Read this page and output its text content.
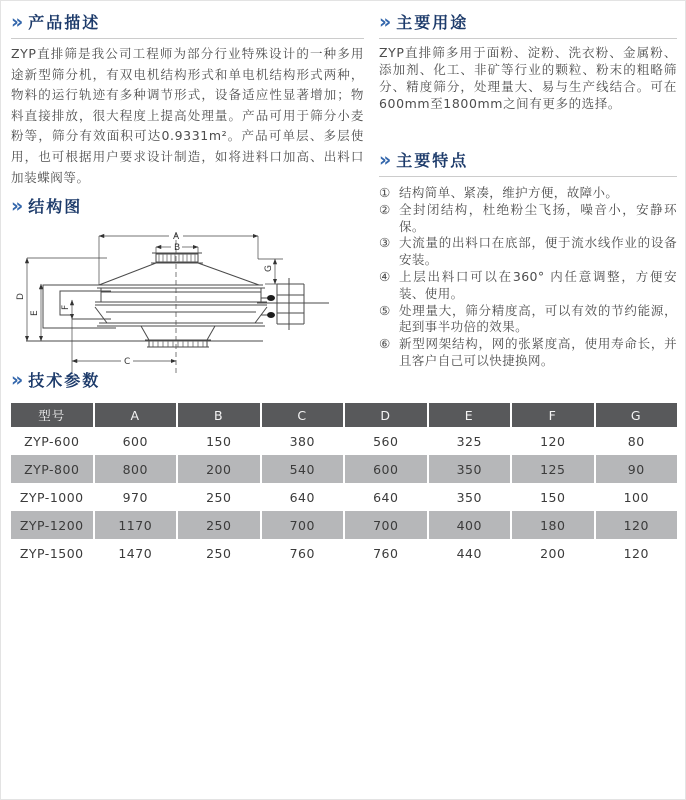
» 产品描述

ZYP直排筛是我公司工程师为部分行业特殊设计的一种多用途新型筛分机，有双电机结构形式和单电机结构形式两种，物料的运行轨迹有多种调节形式，设备适应性显著增加；物料直接排放，很大程度上提高处理量。产品可用于筛分小麦粉等，筛分有效面积可达0.9331m²。产品可单层、多层使用，也可根据用户要求设计制造，如将进料口加高、出料口加装蝶阀等。

» 结构图
A
B
D
E
F
C
G
» 主要用途

ZYP直排筛多用于面粉、淀粉、洗衣粉、金属粉、添加剂、化工、非矿等行业的颗粒、粉末的粗略筛分、精度筛分，处理量大、易与生产线结合。可在600mm至1800mm之间有更多的选择。

» 主要特点
① 结构简单、紧凑，维护方便，故障小。
② 全封闭结构，杜绝粉尘飞扬，噪音小，安静环保。
③ 大流量的出料口在底部，便于流水线作业的设备安装。
④ 上层出料口可以在360° 内任意调整，方便安装、使用。
⑤ 处理量大，筛分精度高，可以有效的节约能源，起到事半功倍的效果。
⑥ 新型网架结构，网的张紧度高，使用寿命长，并且客户自己可以快捷换网。
» 技术参数
型号	A	B	C	D	E	F	G
ZYP-600	600	150	380	560	325	120	80
ZYP-800	800	200	540	600	350	125	90
ZYP-1000	970	250	640	640	350	150	100
ZYP-1200	1170	250	700	700	400	180	120
ZYP-1500	1470	250	760	760	440	200	120
